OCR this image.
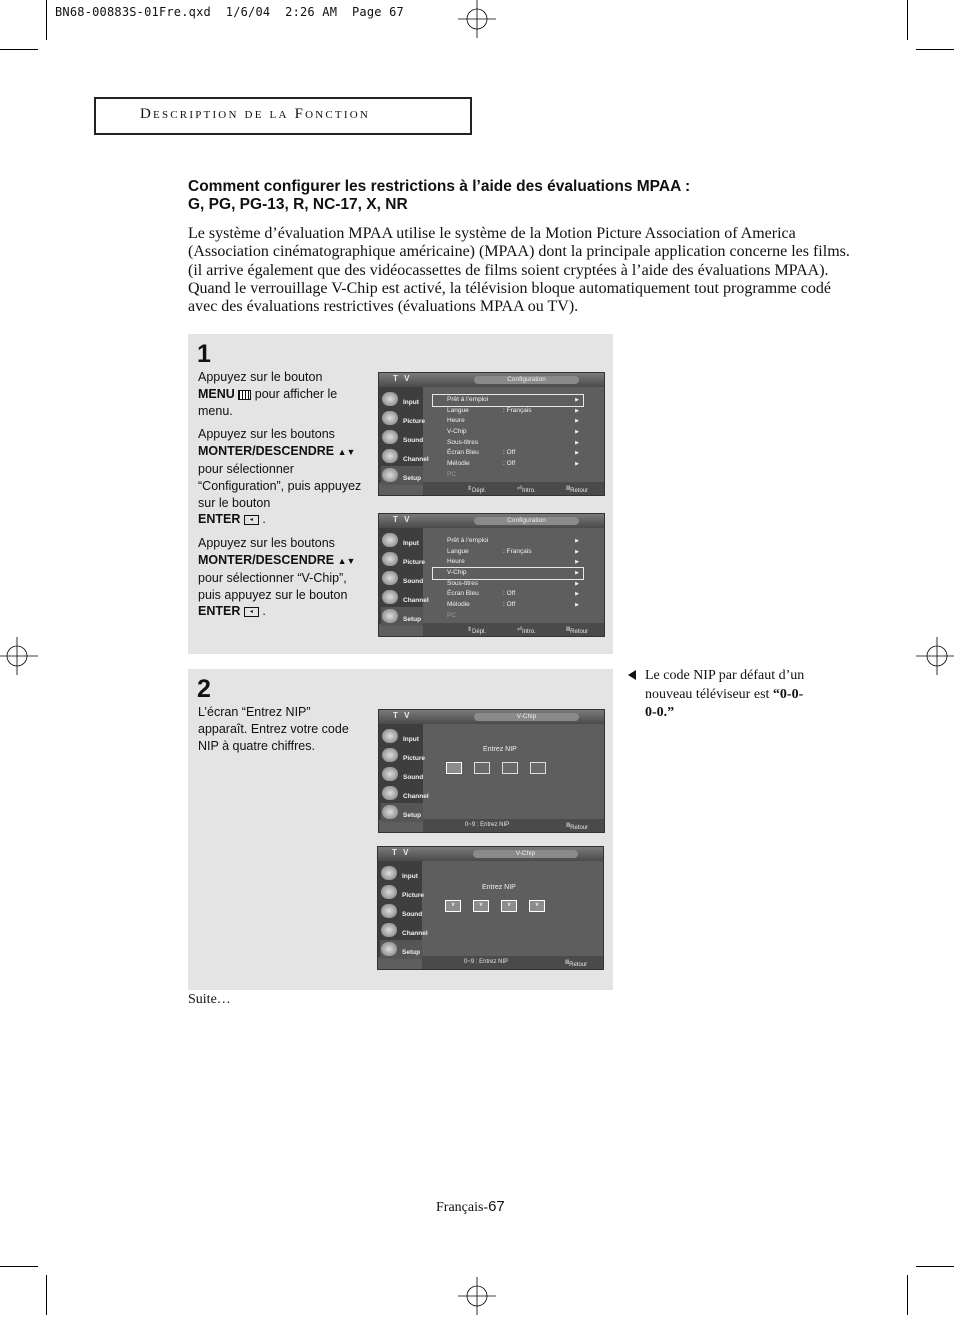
BN68-00883S-01Fre.qxd  1/6/04  2:26 AM  Page 67
Description de la Fonction
Comment configurer les restrictions à l’aide des évaluations MPAA :
G, PG, PG-13, R, NC-17, X, NR
Le système d’évaluation MPAA utilise le système de la Motion Picture Association of America (Association cinématographique américaine) (MPAA) dont la principale application concerne les films. (il arrive également que des vidéocassettes de films soient cryptées à l’aide des évaluations MPAA). Quand le verrouillage V-Chip est activé, la télévision bloque automatiquement tout programme codé avec des évaluations restrictives (évaluations MPAA ou TV).
1

Appuyez sur le bouton
MENU  pour afficher le menu.

Appuyez sur les boutons
MONTER/DESCENDRE ▲▼
pour sélectionner “Configuration”, puis appuyez sur le bouton
ENTER ◂ .

Appuyez sur les boutons
MONTER/DESCENDRE ▲▼
pour sélectionner “V-Chip”, puis appuyez sur le bouton
ENTER ◂ .

T V	Configuration
Input
Picture
Sound
Channel
Setup
Prêt à l’emploi	▶
Langue	: Français	▶
Heure	▶
V-Chip	▶
Sous-titres	▶
Écran Bleu	: Off	▶
Mélodie	: Off	▶
PC
⇕ Dépl.	⏎ Intro.	Ⅲ Retour
T V	Configuration
Input
Picture
Sound
Channel
Setup
Prêt à l’emploi	▶
Langue	: Français	▶
Heure	▶
V-Chip	▶
Sous-titres	▶
Écran Bleu	: Off	▶
Mélodie	: Off	▶
PC
⇕ Dépl.	⏎ Intro.	Ⅲ Retour
2
L’écran “Entrez NIP” apparaît. Entrez votre code NIP à quatre chiffres.
T V	V-Chip
Input
Picture
Sound
Channel
Setup
Entrez NIP
0~9 : Entrez NIP	Ⅲ Retour
T V	V-Chip
Input
Picture
Sound
Channel
Setup
Entrez NIP
*	*	*	*
0~9 : Entrez NIP	Ⅲ Retour
Le code NIP par défaut d’un nouveau téléviseur est “0-0-0-0.”
Suite…
Français-67
